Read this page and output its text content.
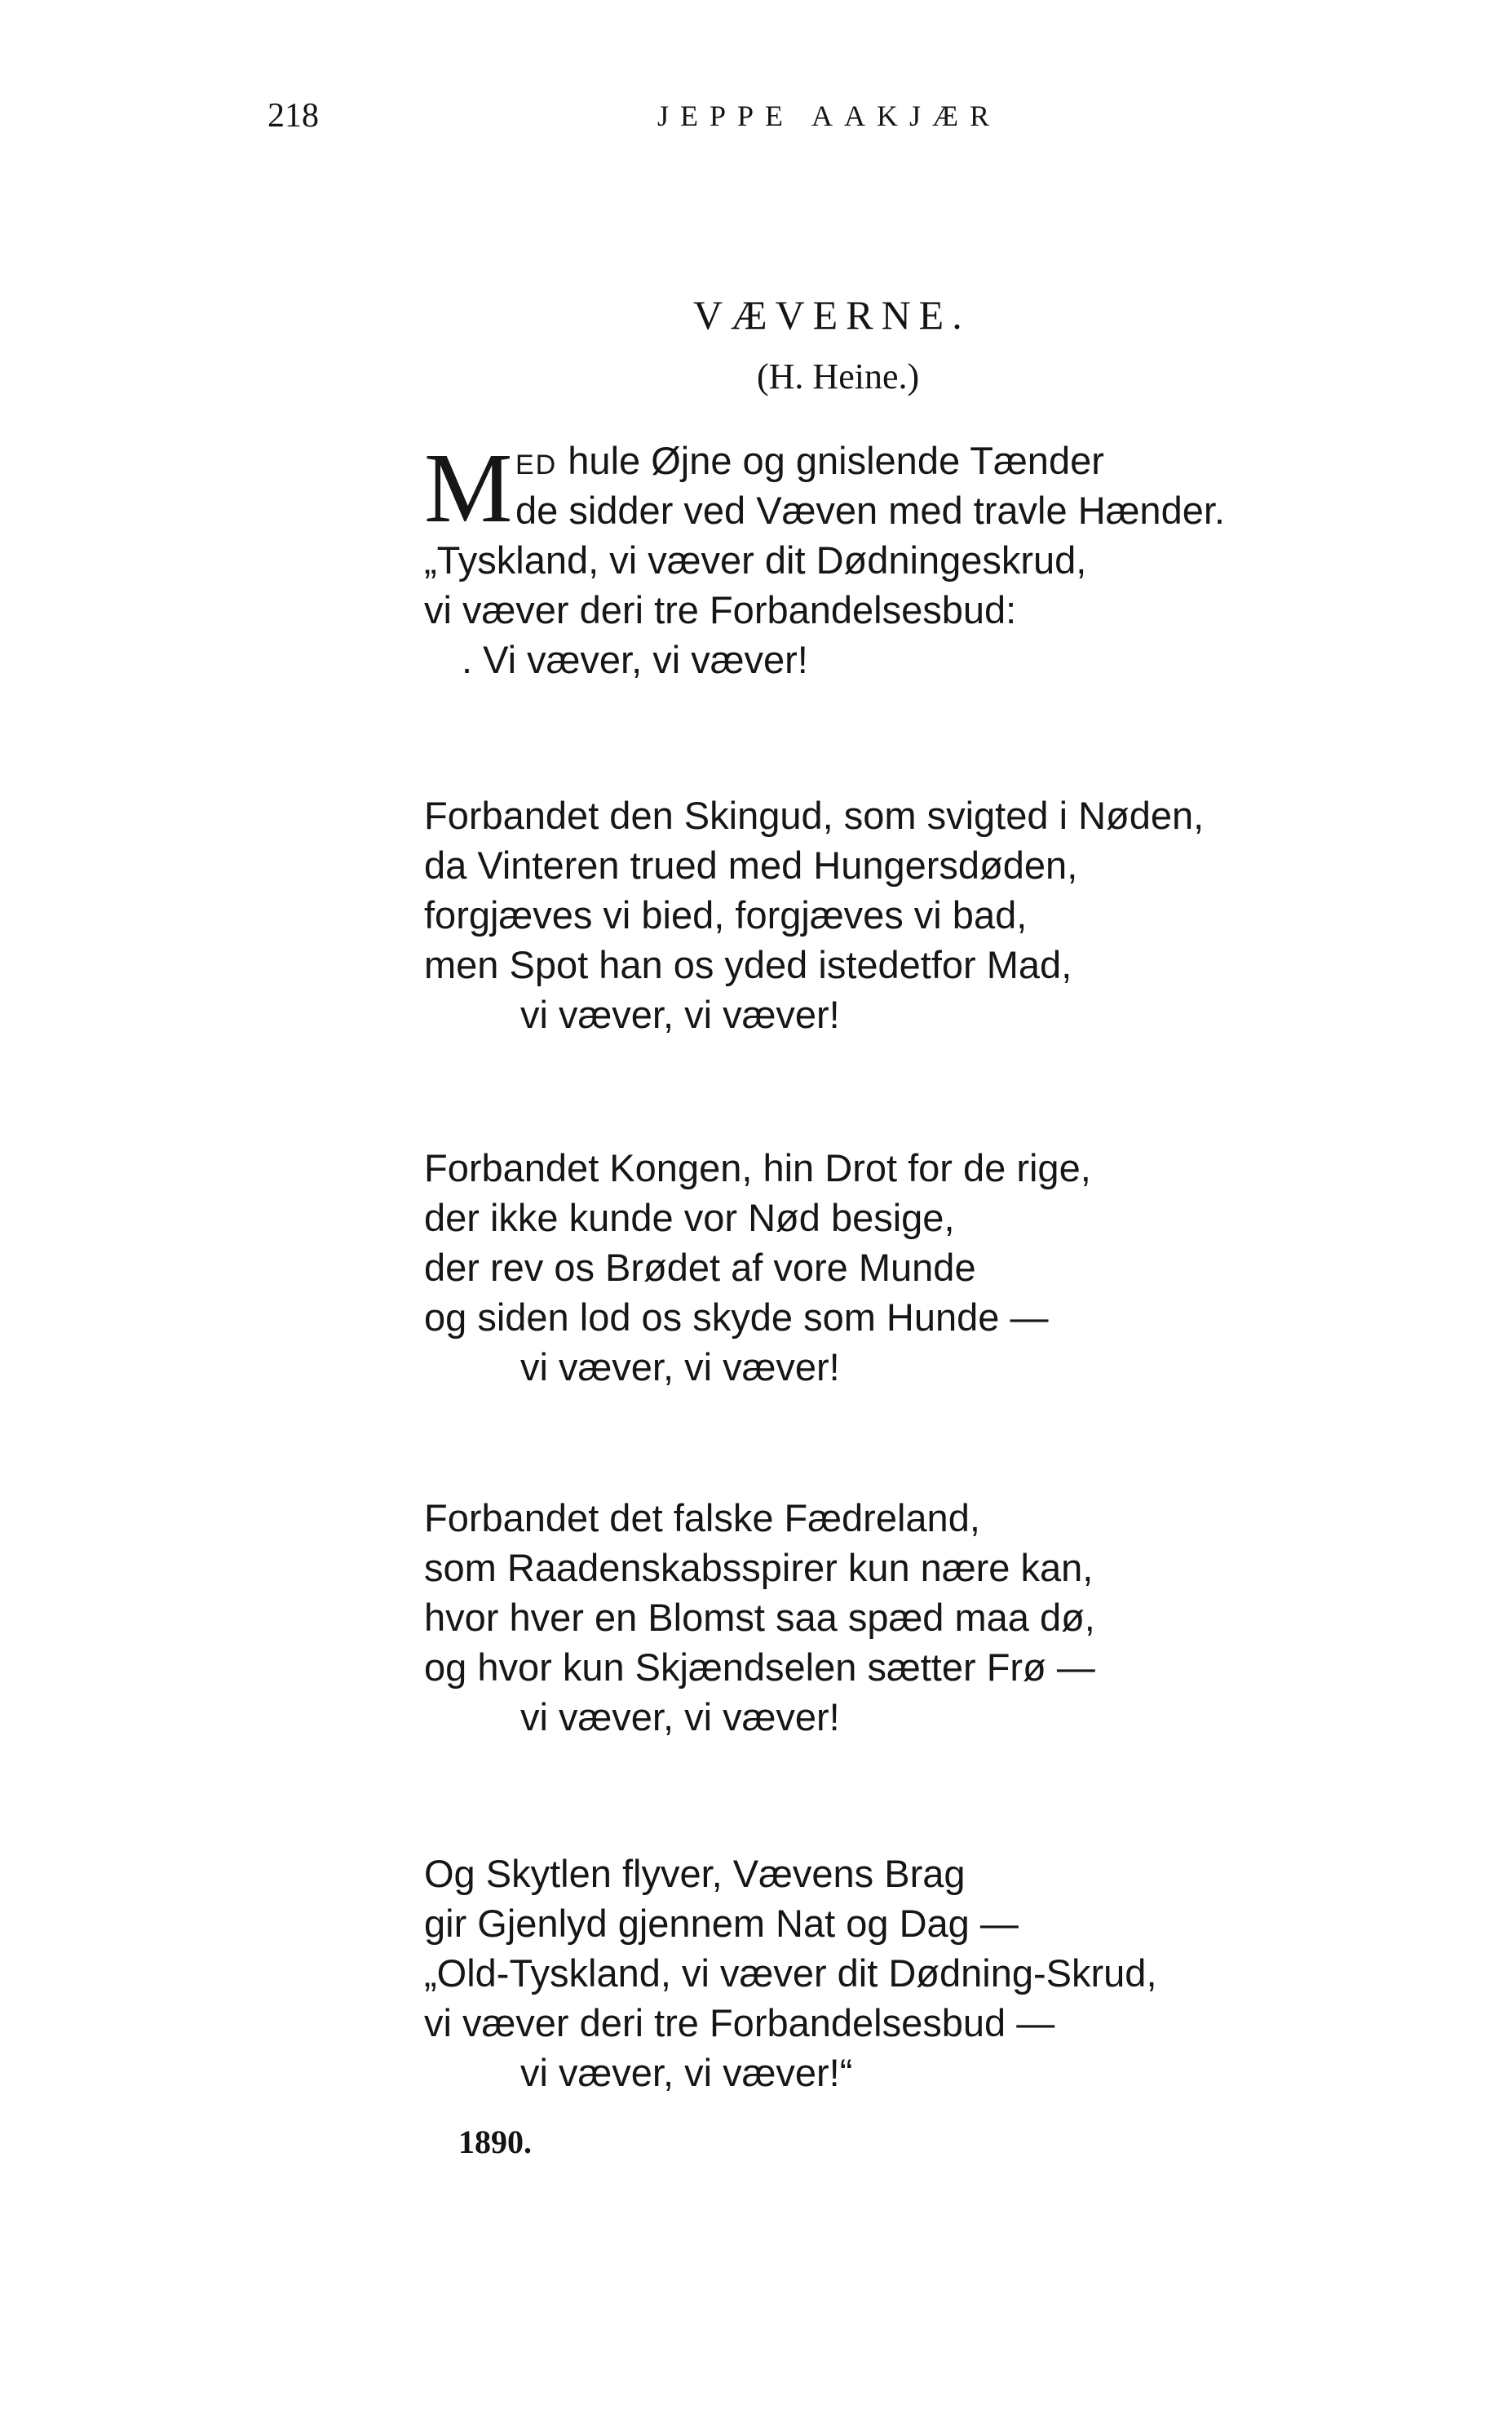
218	JEPPE AAKJÆR
VÆVERNE.
(H. Heine.)
M ED hule Øjne og gnislende Tænder
de sidder ved Væven med travle Hænder.
„Tyskland, vi væver dit Dødningeskrud,
vi væver deri tre Forbandelsesbud:
. Vi væver, vi væver!
Forbandet den Skingud, som svigted i Nøden,
da Vinteren trued med Hungersdøden,
forgjæves vi bied, forgjæves vi bad,
men Spot han os yded istedetfor Mad,
vi væver, vi væver!
Forbandet Kongen, hin Drot for de rige,
der ikke kunde vor Nød besige,
der rev os Brødet af vore Munde
og siden lod os skyde som Hunde —
vi væver, vi væver!
Forbandet det falske Fædreland,
som Raadenskabsspirer kun nære kan,
hvor hver en Blomst saa spæd maa dø,
og hvor kun Skjændselen sætter Frø —
vi væver, vi væver!
Og Skytlen flyver, Vævens Brag
gir Gjenlyd gjennem Nat og Dag —
„Old-Tyskland, vi væver dit Dødning-Skrud,
vi væver deri tre Forbandelsesbud —
vi væver, vi væver!“
1890.
